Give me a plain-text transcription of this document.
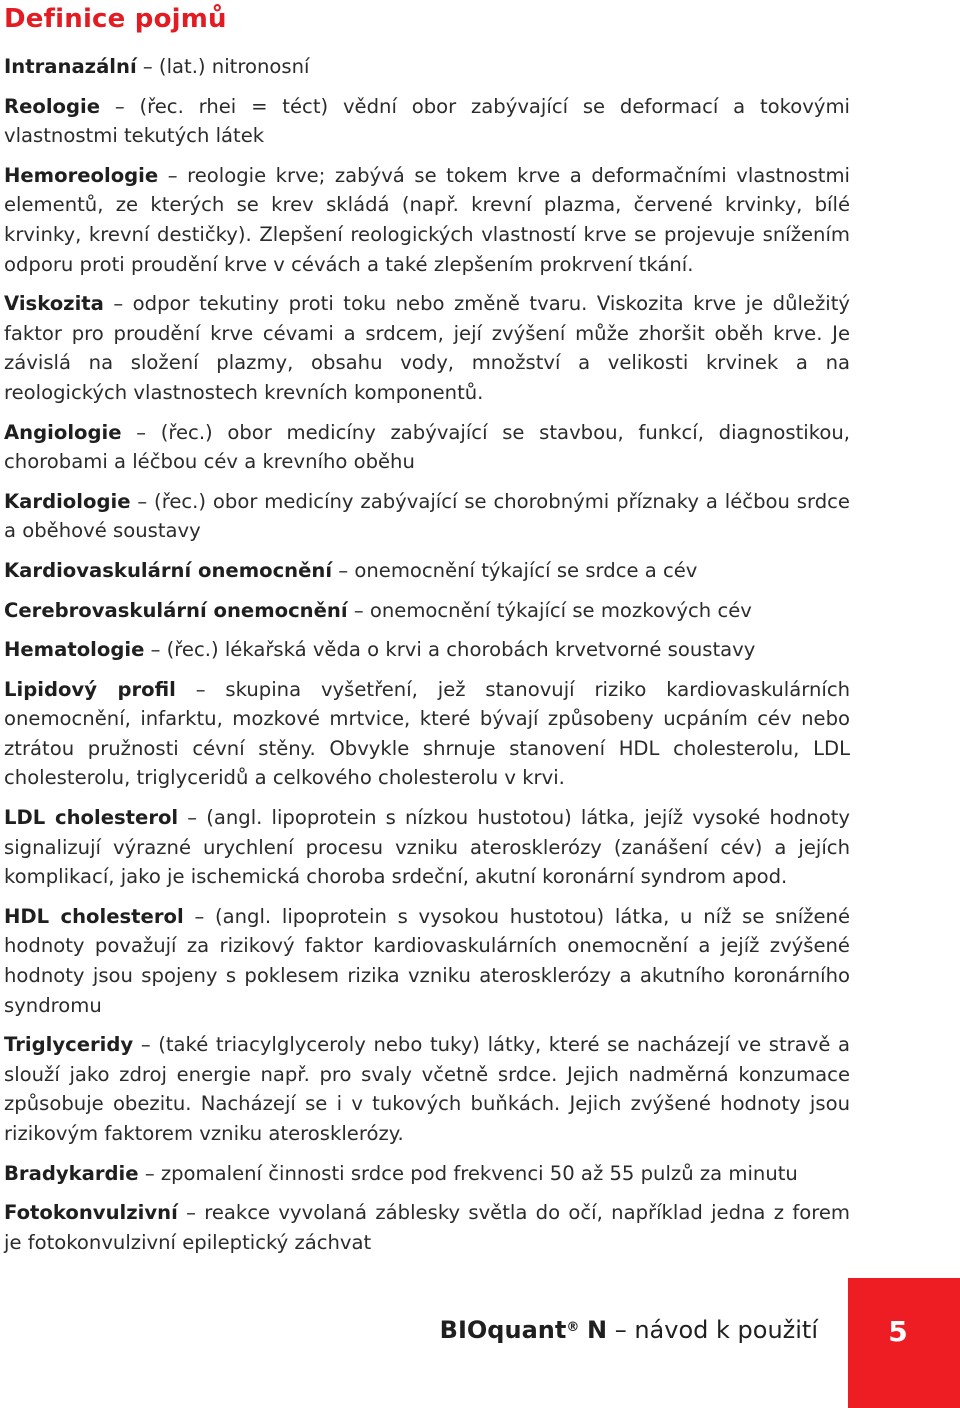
Definice pojmů

Intranazální – (lat.) nitronosní

Reologie – (řec. rhei = téct) vědní obor zabývající se deformací a tokovými vlastnostmi tekutých látek

Hemoreologie – reologie krve; zabývá se tokem krve a deformačními vlastnostmi elementů, ze kterých se krev skládá (např. krevní plazma, červené krvinky, bílé krvinky, krevní destičky). Zlepšení reologických vlastností krve se projevuje snížením odporu proti proudění krve v cévách a také zlepšením prokrvení tkání.

Viskozita – odpor tekutiny proti toku nebo změně tvaru. Viskozita krve je důležitý faktor pro proudění krve cévami a srdcem, její zvýšení může zhoršit oběh krve. Je závislá na složení plazmy, obsahu vody, množství a velikosti krvinek a na reologických vlastnostech krevních komponentů.

Angiologie – (řec.) obor medicíny zabývající se stavbou, funkcí, diagnostikou, chorobami a léčbou cév a krevního oběhu

Kardiologie – (řec.) obor medicíny zabývající se chorobnými příznaky a léčbou srdce a oběhové soustavy

Kardiovaskulární onemocnění – onemocnění týkající se srdce a cév

Cerebrovaskulární onemocnění – onemocnění týkající se mozkových cév

Hematologie – (řec.) lékařská věda o krvi a chorobách krvetvorné soustavy

Lipidový profil – skupina vyšetření, jež stanovují riziko kardiovaskulárních onemocnění, infarktu, mozkové mrtvice, které bývají způsobeny ucpáním cév nebo ztrátou pružnosti cévní stěny. Obvykle shrnuje stanovení HDL cholesterolu, LDL cholesterolu, triglyceridů a celkového cholesterolu v krvi.

LDL cholesterol – (angl. lipoprotein s nízkou hustotou) látka, jejíž vysoké hodnoty signalizují výrazné urychlení procesu vzniku aterosklerózy (zanášení cév) a jejích komplikací, jako je ischemická choroba srdeční, akutní koronární syndrom apod.

HDL cholesterol – (angl. lipoprotein s vysokou hustotou) látka, u níž se snížené hodnoty považují za rizikový faktor kardiovaskulárních onemocnění a jejíž zvýšené hodnoty jsou spojeny s poklesem rizika vzniku aterosklerózy a akutního koronárního syndromu

Triglyceridy – (také triacylglyceroly nebo tuky) látky, které se nacházejí ve stravě a slouží jako zdroj energie např. pro svaly včetně srdce. Jejich nadměrná konzumace způsobuje obezitu. Nacházejí se i v tukových buňkách. Jejich zvýšené hodnoty jsou rizikovým faktorem vzniku aterosklerózy.

Bradykardie – zpomalení činnosti srdce pod frekvenci 50 až 55 pulzů za minutu

Fotokonvulzivní – reakce vyvolaná záblesky světla do očí, například jedna z forem je fotokonvulzivní epileptický záchvat

BIOquant® N – návod k použití	5
